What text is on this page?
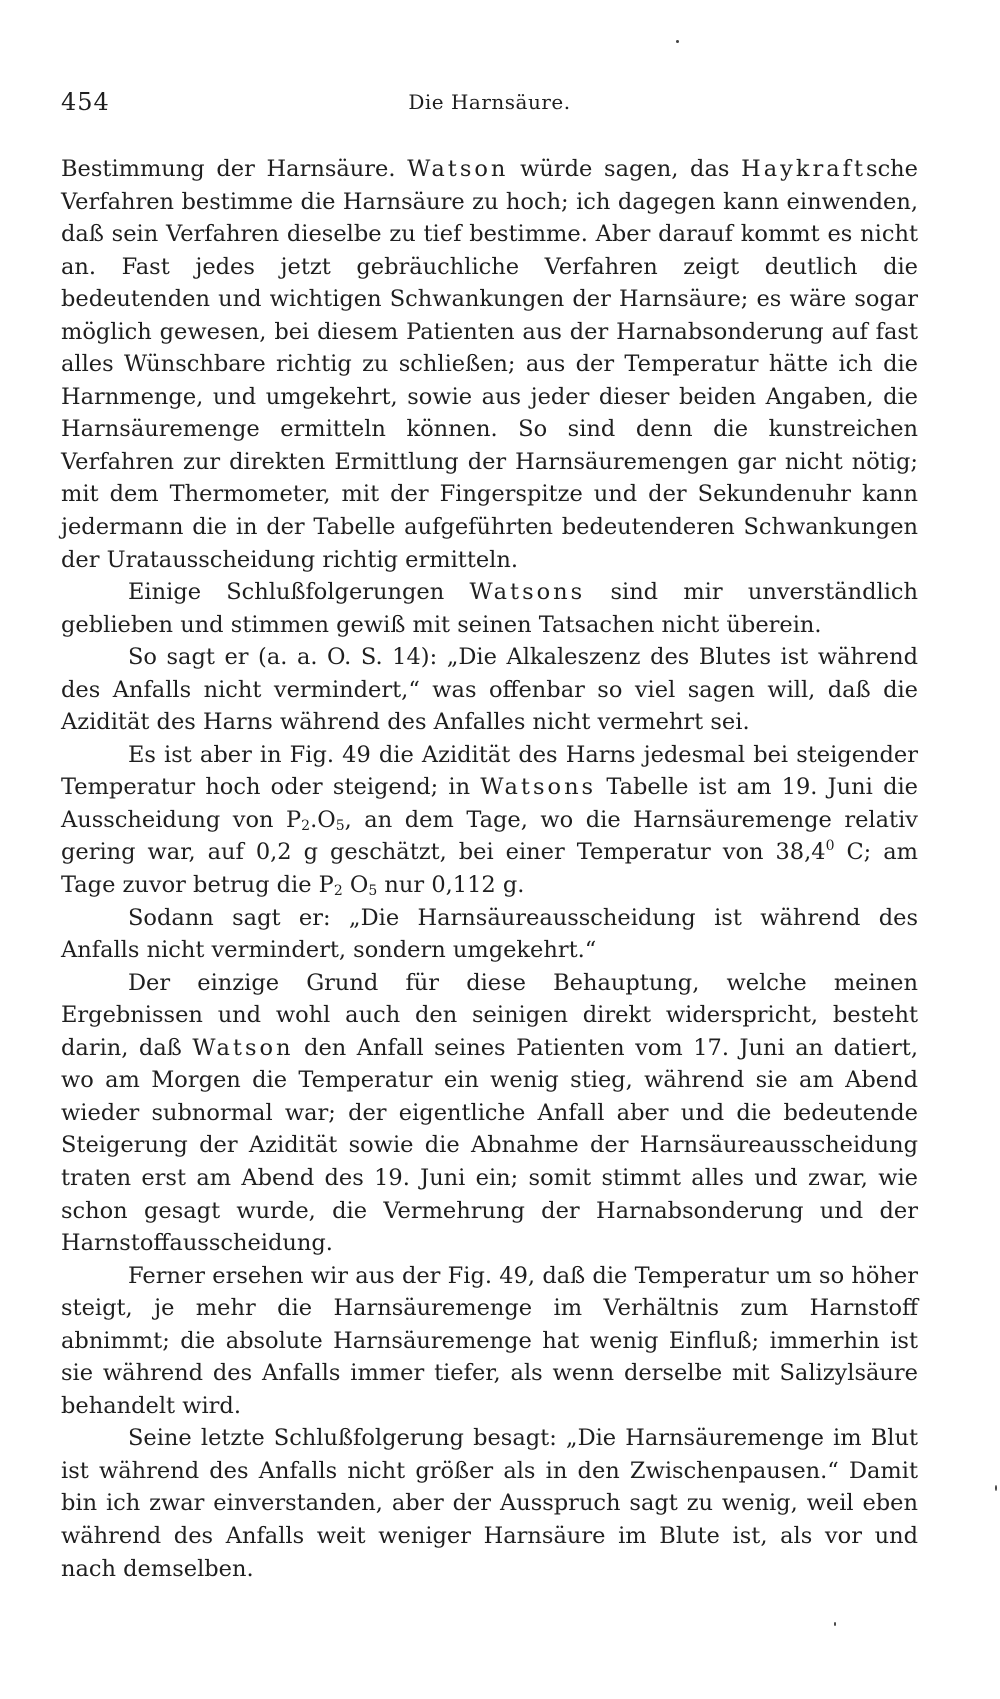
454	Die Harnsäure.

Bestimmung der Harnsäure. Watson würde sagen, das Haykraftsche Verfahren bestimme die Harnsäure zu hoch; ich dagegen kann einwenden, daß sein Verfahren dieselbe zu tief bestimme. Aber darauf kommt es nicht an. Fast jedes jetzt gebräuchliche Verfahren zeigt deutlich die bedeutenden und wichtigen Schwankungen der Harnsäure; es wäre sogar möglich gewesen, bei diesem Patienten aus der Harnabsonderung auf fast alles Wünschbare richtig zu schließen; aus der Temperatur hätte ich die Harnmenge, und umgekehrt, sowie aus jeder dieser beiden Angaben, die Harnsäuremenge ermitteln können. So sind denn die kunstreichen Verfahren zur direkten Ermittlung der Harnsäuremengen gar nicht nötig; mit dem Thermometer, mit der Fingerspitze und der Sekundenuhr kann jedermann die in der Tabelle aufgeführten bedeutenderen Schwankungen der Uratausscheidung richtig ermitteln.

Einige Schlußfolgerungen Watsons sind mir unverständlich geblieben und stimmen gewiß mit seinen Tatsachen nicht überein.

So sagt er (a. a. O. S. 14): „Die Alkaleszenz des Blutes ist während des Anfalls nicht vermindert,“ was offenbar so viel sagen will, daß die Azidität des Harns während des Anfalles nicht vermehrt sei.

Es ist aber in Fig. 49 die Azidität des Harns jedesmal bei steigender Temperatur hoch oder steigend; in Watsons Tabelle ist am 19. Juni die Ausscheidung von $P_2.O_5$, an dem Tage, wo die Harnsäuremenge relativ gering war, auf 0,2 g geschätzt, bei einer Temperatur von 38,4$^0$ C; am Tage zuvor betrug die $P_2$ $O_5$ nur 0,112 g.

Sodann sagt er: „Die Harnsäureausscheidung ist während des Anfalls nicht vermindert, sondern umgekehrt.“

Der einzige Grund für diese Behauptung, welche meinen Ergebnissen und wohl auch den seinigen direkt widerspricht, besteht darin, daß Watson den Anfall seines Patienten vom 17. Juni an datiert, wo am Morgen die Temperatur ein wenig stieg, während sie am Abend wieder subnormal war; der eigentliche Anfall aber und die bedeutende Steigerung der Azidität sowie die Abnahme der Harnsäureausscheidung traten erst am Abend des 19. Juni ein; somit stimmt alles und zwar, wie schon gesagt wurde, die Vermehrung der Harnabsonderung und der Harnstoffausscheidung.

Ferner ersehen wir aus der Fig. 49, daß die Temperatur um so höher steigt, je mehr die Harnsäuremenge im Verhältnis zum Harnstoff abnimmt; die absolute Harnsäuremenge hat wenig Einfluß; immerhin ist sie während des Anfalls immer tiefer, als wenn derselbe mit Salizylsäure behandelt wird.

Seine letzte Schlußfolgerung besagt: „Die Harnsäuremenge im Blut ist während des Anfalls nicht größer als in den Zwischenpausen.“ Damit bin ich zwar einverstanden, aber der Ausspruch sagt zu wenig, weil eben während des Anfalls weit weniger Harnsäure im Blute ist, als vor und nach demselben.
